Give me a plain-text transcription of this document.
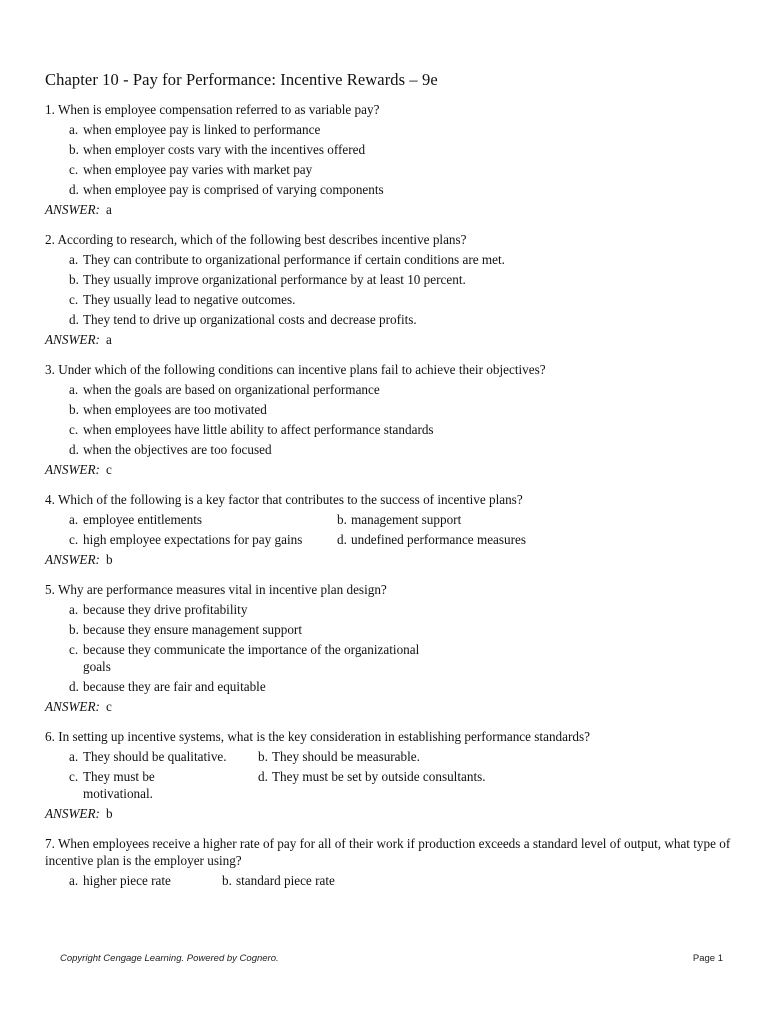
Chapter 10 - Pay for Performance: Incentive Rewards – 9e
1. When is employee compensation referred to as variable pay?
a. when employee pay is linked to performance
b. when employer costs vary with the incentives offered
c. when employee pay varies with market pay
d. when employee pay is comprised of varying components
ANSWER: a
2. According to research, which of the following best describes incentive plans?
a. They can contribute to organizational performance if certain conditions are met.
b. They usually improve organizational performance by at least 10 percent.
c. They usually lead to negative outcomes.
d. They tend to drive up organizational costs and decrease profits.
ANSWER: a
3. Under which of the following conditions can incentive plans fail to achieve their objectives?
a. when the goals are based on organizational performance
b. when employees are too motivated
c. when employees have little ability to affect performance standards
d. when the objectives are too focused
ANSWER: c
4. Which of the following is a key factor that contributes to the success of incentive plans?
a. employee entitlements	b. management support
c. high employee expectations for pay gains	d. undefined performance measures
ANSWER: b
5. Why are performance measures vital in incentive plan design?
a. because they drive profitability
b. because they ensure management support
c. because they communicate the importance of the organizational goals
d. because they are fair and equitable
ANSWER: c
6. In setting up incentive systems, what is the key consideration in establishing performance standards?
a. They should be qualitative.	b. They should be measurable.
c. They must be motivational.
d. They must be set by outside consultants.
ANSWER: b
7. When employees receive a higher rate of pay for all of their work if production exceeds a standard level of output, what type of incentive plan is the employer using?
a. higher piece rate	b. standard piece rate
Copyright Cengage Learning. Powered by Cognero.	Page 1
